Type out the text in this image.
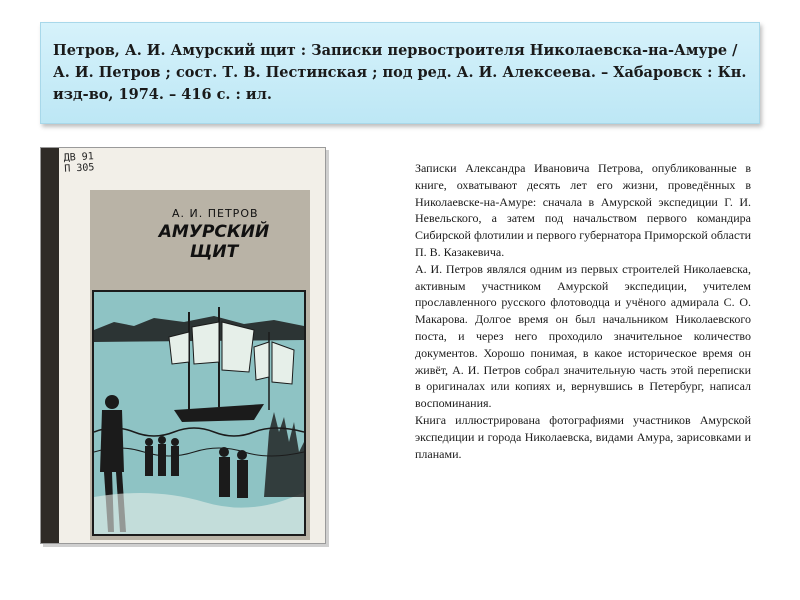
Петров, А. И. Амурский щит : Записки первостроителя Николаевска-на-Амуре / А. И. Петров ; сост. Т. В. Пестинская ; под ред. А. И. Алексеева. – Хабаровск : Кн. изд-во, 1974. – 416 с. : ил.

ДВ 91
П 305
А. И. ПЕТРОВ
АМУРСКИЙ ЩИТ

Записки Александра Ивановича Петрова, опубликованные в книге, охватывают десять лет его жизни, проведённых в Николаевске-на-Амуре: сначала в Амурской экспедиции Г. И. Невельского, а затем под начальством первого командира Сибирской флотилии и первого губернатора Приморской области П. В. Казакевича.

А. И. Петров являлся одним из первых строителей Николаевска, активным участником Амурской экспедиции, учителем прославленного русского флотоводца и учёного адмирала С. О. Макарова. Долгое время он был начальником Николаевского поста, и через него проходило значительное количество документов. Хорошо понимая, в какое историческое время он живёт, А. И. Петров собрал значительную часть этой переписки в оригиналах или копиях и, вернувшись в Петербург, написал воспоминания.

Книга иллюстрирована фотографиями участников Амурской экспедиции и города Николаевска, видами Амура, зарисовками и планами.
